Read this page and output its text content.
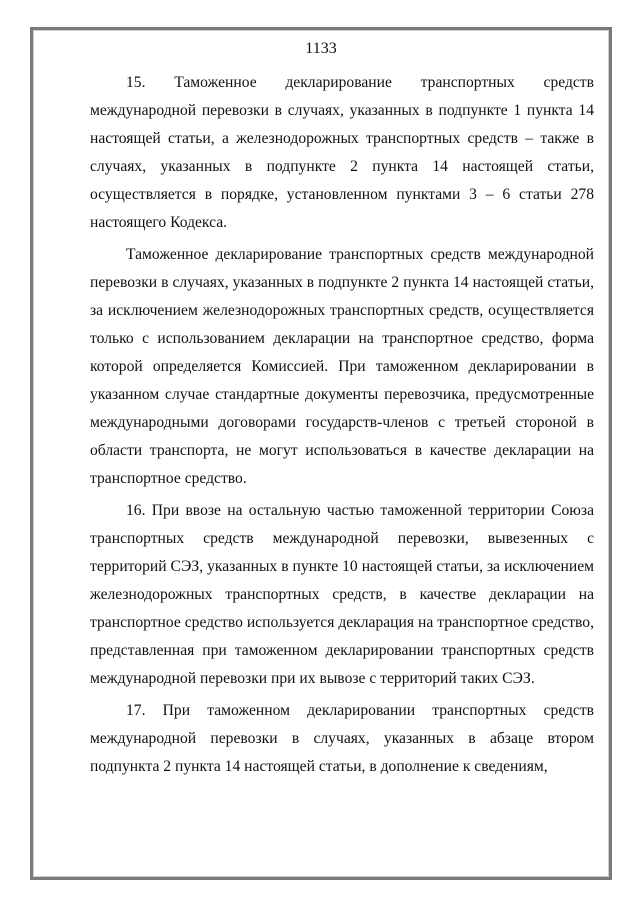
1133

15. Таможенное декларирование транспортных средств международной перевозки в случаях, указанных в подпункте 1 пункта 14 настоящей статьи, а железнодорожных транспортных средств – также в случаях, указанных в подпункте 2 пункта 14 настоящей статьи, осуществляется в порядке, установленном пунктами 3 – 6 статьи 278 настоящего Кодекса.

Таможенное декларирование транспортных средств международной перевозки в случаях, указанных в подпункте 2 пункта 14 настоящей статьи, за исключением железнодорожных транспортных средств, осуществляется только с использованием декларации на транспортное средство, форма которой определяется Комиссией. При таможенном декларировании в указанном случае стандартные документы перевозчика, предусмотренные международными договорами государств-членов с третьей стороной в области транспорта, не могут использоваться в качестве декларации на транспортное средство.

16. При ввозе на остальную частью таможенной территории Союза транспортных средств международной перевозки, вывезенных с территорий СЭЗ, указанных в пункте 10 настоящей статьи, за исключением железнодорожных транспортных средств, в качестве декларации на транспортное средство используется декларация на транспортное средство, представленная при таможенном декларировании транспортных средств международной перевозки при их вывозе с территорий таких СЭЗ.

17. При таможенном декларировании транспортных средств международной перевозки в случаях, указанных в абзаце втором подпункта 2 пункта 14 настоящей статьи, в дополнение к сведениям,
